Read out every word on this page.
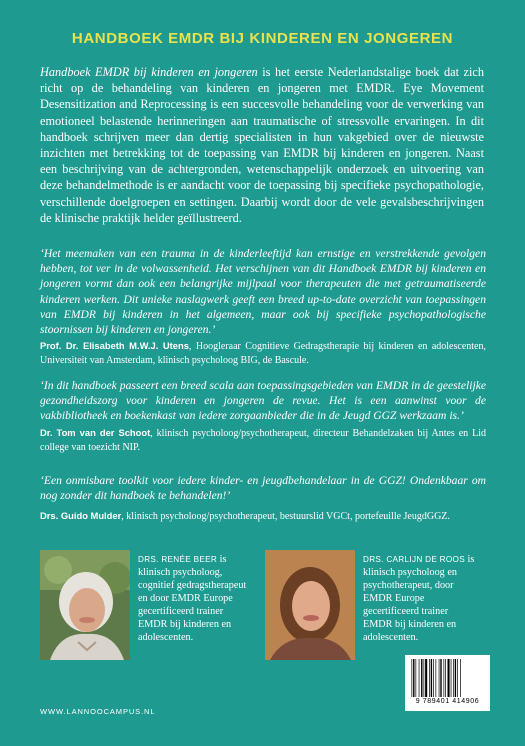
HANDBOEK EMDR BIJ KINDEREN EN JONGEREN
Handboek EMDR bij kinderen en jongeren is het eerste Nederlandstalige boek dat zich richt op de behandeling van kinderen en jongeren met EMDR. Eye Movement Desensitization and Reprocessing is een succesvolle behandeling voor de verwerking van emotioneel belastende herinneringen aan traumatische of stressvolle ervaringen. In dit handboek schrijven meer dan dertig specialisten in hun vakgebied over de nieuwste inzichten met betrekking tot de toepassing van EMDR bij kinderen en jongeren. Naast een beschrijving van de achtergronden, wetenschappelijk onderzoek en uitvoering van deze behandelmethode is er aandacht voor de toepassing bij specifieke psychopathologie, verschillende doelgroepen en settingen. Daarbij wordt door de vele gevalsbeschrijvingen de klinische praktijk helder geïllustreerd.
‘Het meemaken van een trauma in de kinderleeftijd kan ernstige en verstrekkende gevolgen hebben, tot ver in de volwassenheid. Het verschijnen van dit Handboek EMDR bij kinderen en jongeren vormt dan ook een belangrijke mijlpaal voor therapeuten die met getraumatiseerde kinderen werken. Dit unieke naslagwerk geeft een breed up-to-date overzicht van toepassingen van EMDR bij kinderen in het algemeen, maar ook bij specifieke psychopathologische stoornissen bij kinderen en jongeren.’
Prof. Dr. Elisabeth M.W.J. Utens, Hoogleraar Cognitieve Gedragstherapie bij kinderen en adolescenten, Universiteit van Amsterdam, klinisch psycholoog BIG, de Bascule.
‘In dit handboek passeert een breed scala aan toepassingsgebieden van EMDR in de geestelijke gezondheidszorg voor kinderen en jongeren de revue. Het is een aanwinst voor de vakbibliotheek en boekenkast van iedere zorgaanbieder die in de Jeugd GGZ werkzaam is.’
Dr. Tom van der Schoot, klinisch psycholoog/psychotherapeut, directeur Behandelzaken bij Antes en Lid college van toezicht NIP.
‘Een onmisbare toolkit voor iedere kinder- en jeugdbehandelaar in de GGZ! Ondenkbaar om nog zonder dit handboek te behandelen!’
Drs. Guido Mulder, klinisch psycholoog/psychotherapeut, bestuurslid VGCt, portefeuille JeugdGGZ.
DRS. RENÉE BEER is klinisch psycholoog, cognitief gedragstherapeut en door EMDR Europe gecertificeerd trainer EMDR bij kinderen en adolescenten.
DRS. CARLIJN DE ROOS is klinisch psycholoog en psychotherapeut, door EMDR Europe gecertificeerd trainer EMDR bij kinderen en adolescenten.
WWW.LANNOOCAMPUS.NL
9 789401 414906
